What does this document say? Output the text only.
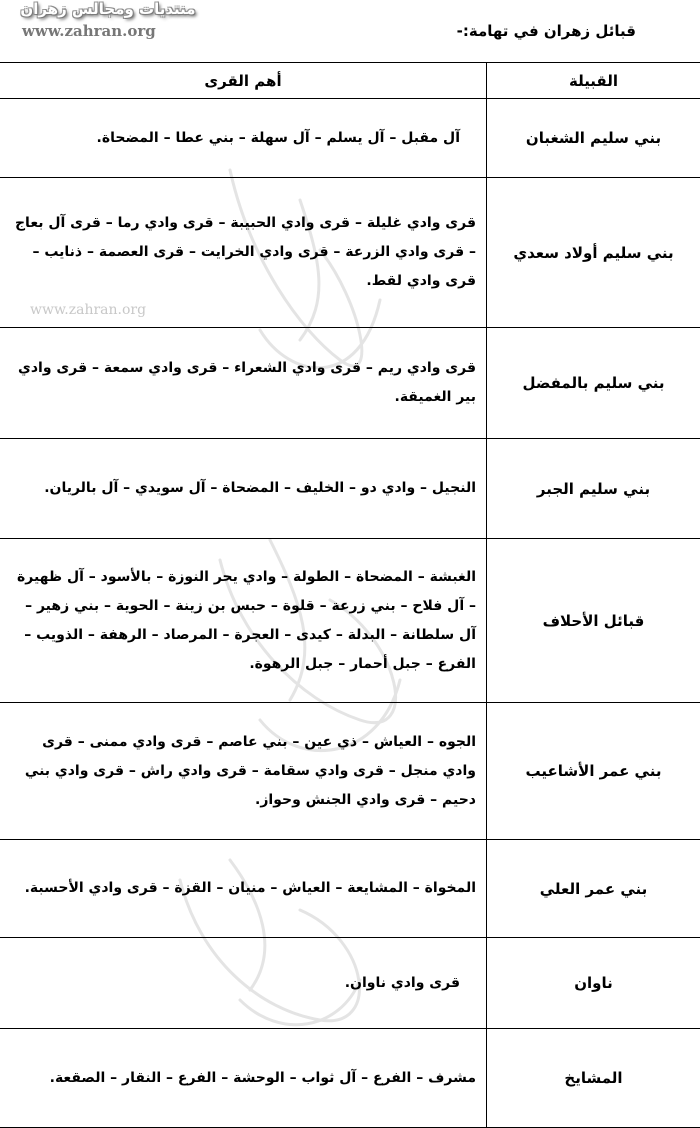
منتديات ومجالس زهران
www.zahran.org
www.zahran.org
قبائل زهران في تهامة:-
القبيلة	أهم القرى
بني سليم الشغبان	آل مقبل – آل يسلم – آل سهلة – بني عطا – المضحاة.
بني سليم أولاد سعدي	قرى وادي غليلة – قرى وادي الحبيبة – قرى وادي رما – قرى آل بعاج – قرى وادي الزرعة – قرى وادي الخرايت – قرى العصمة – ذنايب – قرى وادي لقط.
بني سليم بالمفضل	قرى وادي ريم – قرى وادي الشعراء – قرى وادي سمعة – قرى وادي بير الغميقة.
بني سليم الجبر	النجيل – وادي دو – الخليف – المضحاة – آل سويدي – آل بالريان.
قبائل الأحلاف	الغبشة – المضحاة – الطولة – وادي يحر النوزة – بالأسود – آل ظهيرة – آل فلاح – بني زرعة – قلوة – حبس بن زينة – الحوية – بني زهير – آل سلطانة – البدلة – كيدى – العجرة – المرصاد – الرهفة – الذويب – الفرع – جبل أحمار – جبل الرهوة.
بني عمر الأشاعيب	الجوه – العياش – ذي عين – بني عاصم – قرى وادي ممنى – قرى وادي منجل – قرى وادي سقامة – قرى وادي راش – قرى وادي بني دحيم – قرى وادي الجنش وحواز.
بني عمر العلي	المخواة – المشايعة – العياش – منيان – القزة – قرى وادي الأحسبة.
ناوان	قرى وادي ناوان.
المشايخ	مشرف – الفرع – آل ثواب – الوحشة – الفرع – النقار – الصقعة.
